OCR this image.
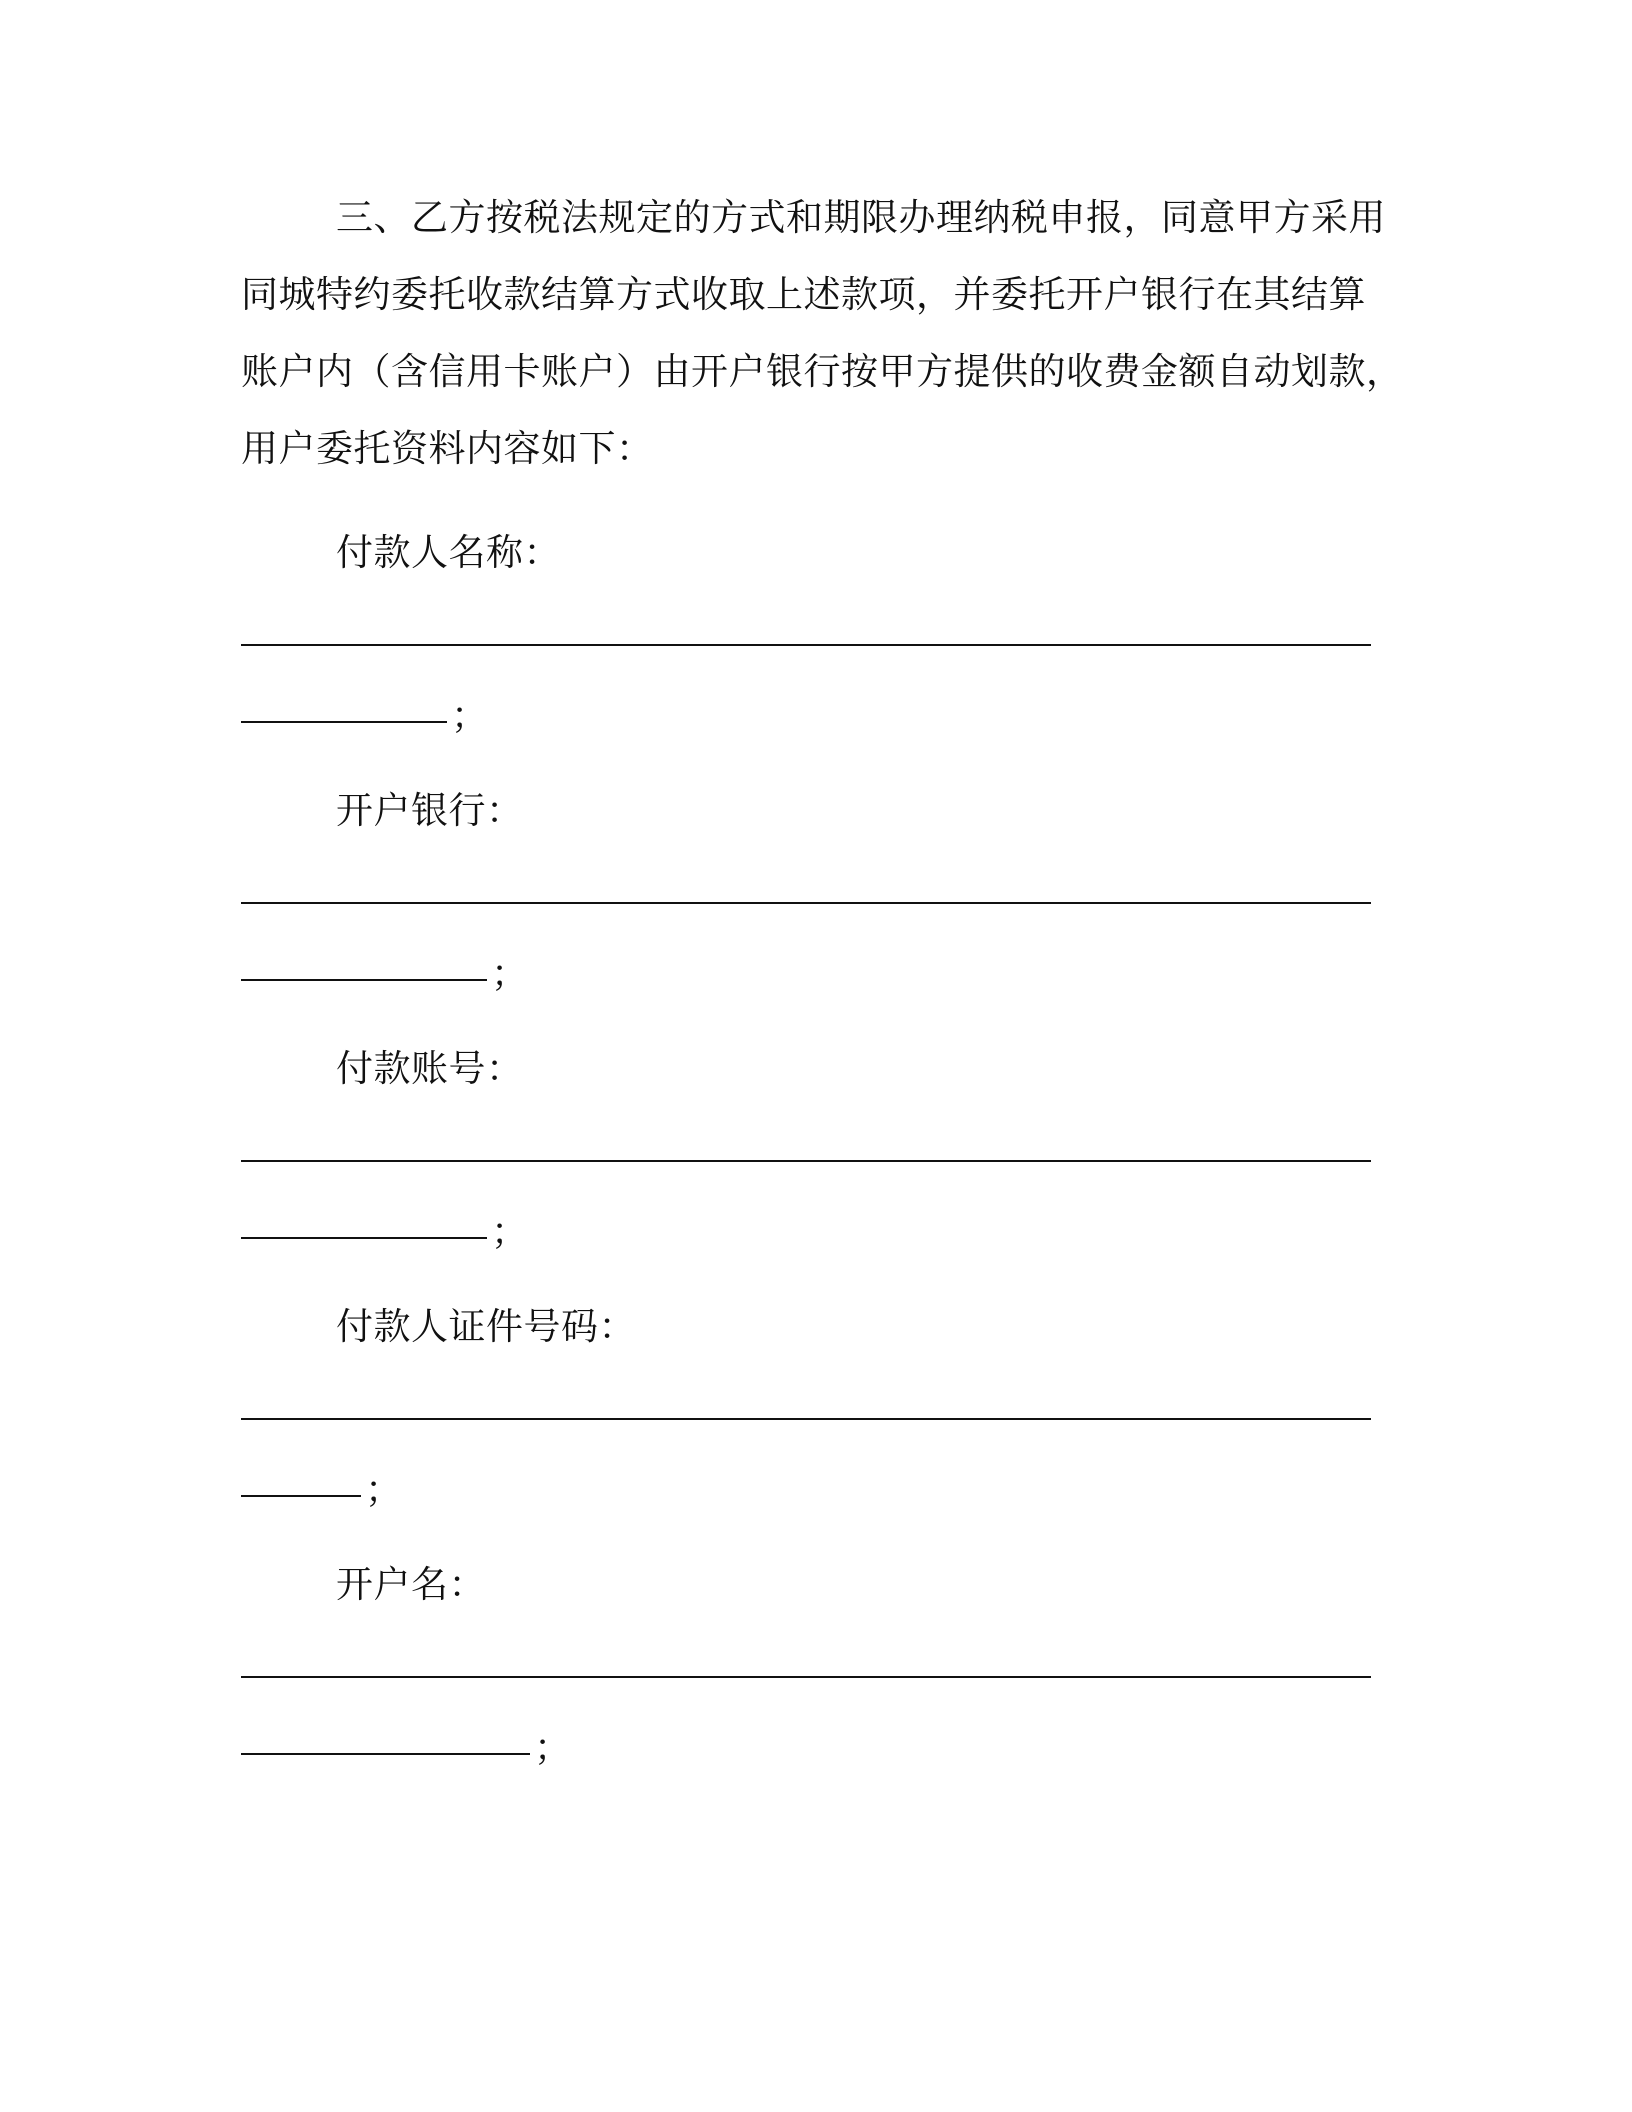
三、乙方按税法规定的方式和期限办理纳税申报，同意甲方采用
同城特约委托收款结算方式收取上述款项，并委托开户银行在其结算
账户内（含信用卡账户）由开户银行按甲方提供的收费金额自动划款，
用户委托资料内容如下：
付款人名称：
；
开户银行：
；
付款账号：
；
付款人证件号码：
；
开户名：
；
